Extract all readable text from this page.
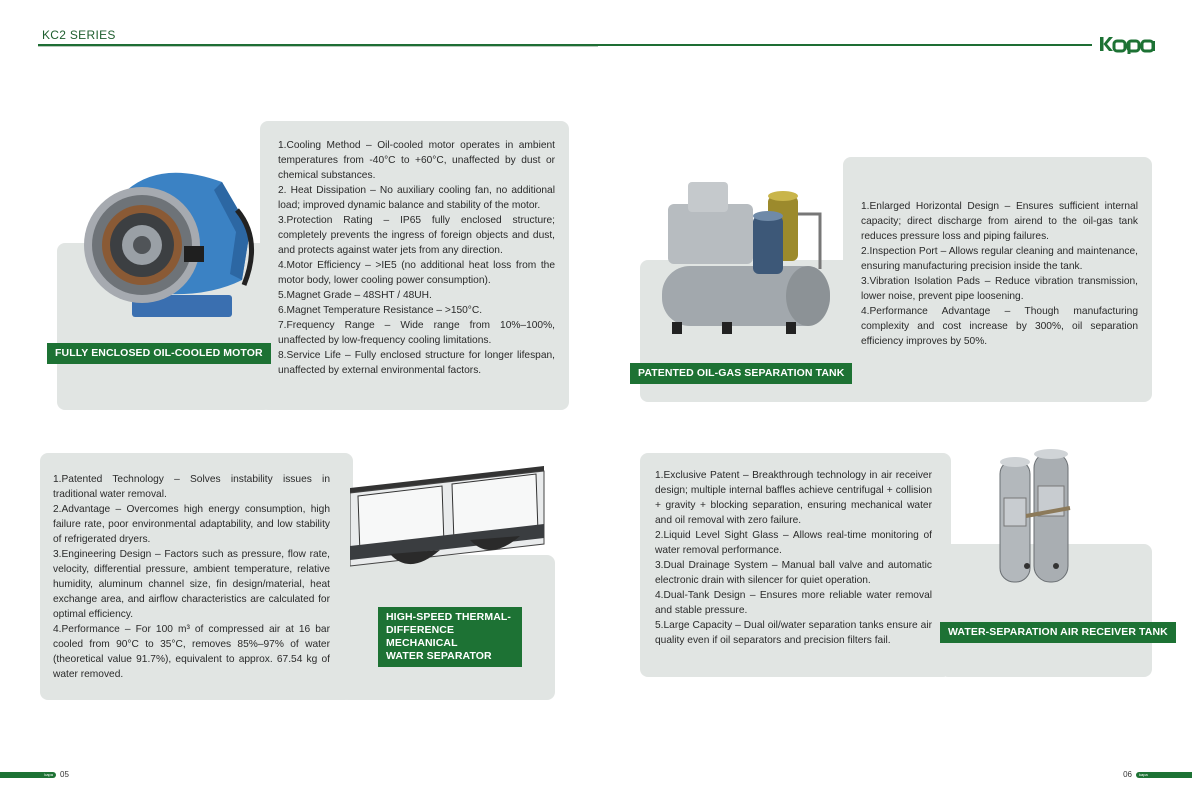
KC2 SERIES
FULLY ENCLOSED OIL-COOLED MOTOR

1.Cooling Method – Oil-cooled motor operates in ambient temperatures from -40°C to +60°C, unaffected by dust or chemical substances.

2. Heat Dissipation – No auxiliary cooling fan, no additional load; improved dynamic balance and stability of the motor.

3.Protection Rating – IP65 fully enclosed structure; completely prevents the ingress of foreign objects and dust, and protects against water jets from any direction.

4.Motor Efficiency – >IE5 (no additional heat loss from the motor body, lower cooling power consumption).

5.Magnet Grade – 48SHT / 48UH.

6.Magnet Temperature Resistance – >150°C.

7.Frequency Range – Wide range from 10%–100%, unaffected by low-frequency cooling limitations.

8.Service Life – Fully enclosed structure for longer lifespan, unaffected by external environmental factors.	PATENTED OIL-GAS SEPARATION TANK

1.Enlarged Horizontal Design – Ensures sufficient internal capacity; direct discharge from airend to the oil-gas tank reduces pressure loss and piping failures.

2.Inspection Port – Allows regular cleaning and maintenance, ensuring manufacturing precision inside the tank.

3.Vibration Isolation Pads – Reduce vibration transmission, lower noise, prevent pipe loosening.

4.Performance Advantage – Though manufacturing complexity and cost increase by 300%, oil separation efficiency improves by 50%.

HIGH-SPEED THERMAL-
DIFFERENCE MECHANICAL
WATER SEPARATOR

1.Patented Technology – Solves instability issues in traditional water removal.

2.Advantage – Overcomes high energy consumption, high failure rate, poor environmental adaptability, and low stability of refrigerated dryers.

3.Engineering Design – Factors such as pressure, flow rate, velocity, differential pressure, ambient temperature, relative humidity, aluminum channel size, fin design/material, heat exchange area, and airflow characteristics are calculated for optimal efficiency.

4.Performance – For 100 m³ of compressed air at 16 bar cooled from 90°C to 35°C, removes 85%–97% of water (theoretical value 91.7%), equivalent to approx. 67.54 kg of water removed.

WATER-SEPARATION AIR RECEIVER TANK

1.Exclusive Patent – Breakthrough technology in air receiver design; multiple internal baffles achieve centrifugal + collision + gravity + blocking separation, ensuring mechanical water and oil removal with zero failure.

2.Liquid Level Sight Glass – Allows real-time monitoring of water removal performance.

3.Dual Drainage System – Manual ball valve and automatic electronic drain with silencer for quiet operation.

4.Dual-Tank Design – Ensures more reliable water removal and stable pressure.

5.Large Capacity – Dual oil/water separation tanks ensure air quality even if oil separators and precision filters fail.

kapa 05	06 kapa
